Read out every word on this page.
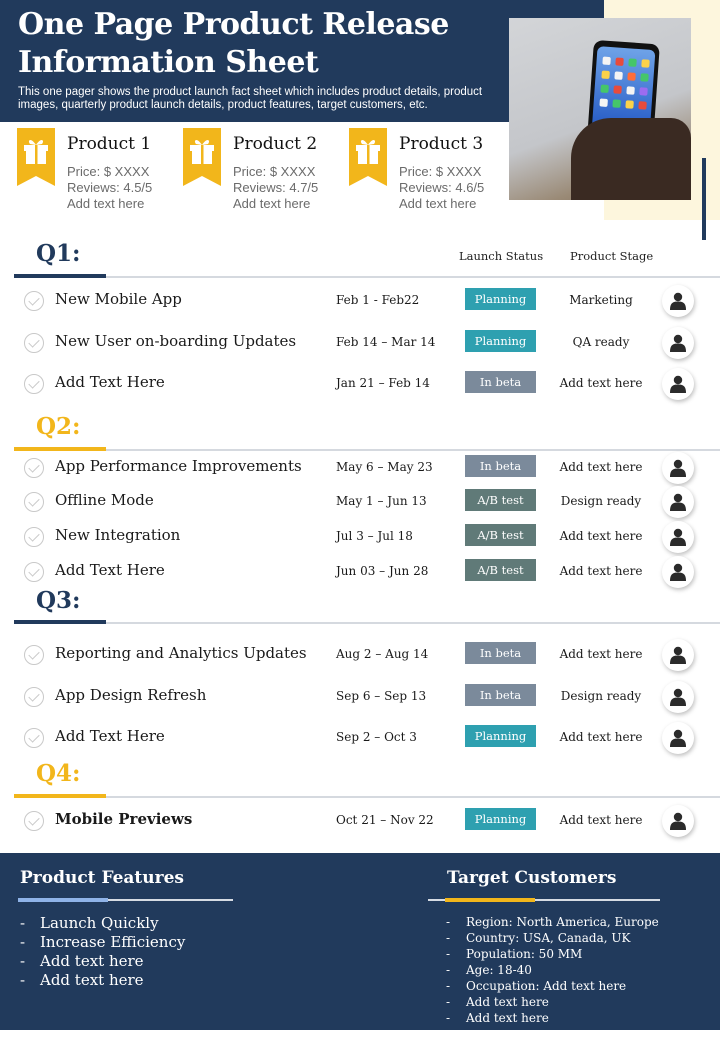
One Page Product Release
Information Sheet

This one pager shows the product launch fact sheet which includes product details, product images, quarterly product launch details, product features, target customers, etc.

Product 1
Price: $ XXXX
Reviews: 4.5/5
Add text here
Product 2
Price: $ XXXX
Reviews: 4.7/5
Add text here
Product 3
Price: $ XXXX
Reviews: 4.6/5
Add text here
Launch Status Product Stage
Q1:
New Mobile App	Feb 1 - Feb22	Planning	Marketing
New User on-boarding Updates	Feb 14 – Mar 14	Planning	QA ready
Add Text Here	Jan 21 – Feb 14	In beta	Add text here
Q2:
App Performance Improvements	May 6 – May 23	In beta	Add text here
Offline Mode	May 1 – Jun 13	A/B test	Design ready
New Integration	Jul 3 – Jul 18	A/B test	Add text here
Add Text Here	Jun 03 – Jun 28	A/B test	Add text here
Q3:
Reporting and Analytics Updates Aug 2 – Aug 14	In beta	Add text here
App Design Refresh	Sep 6 – Sep 13	In beta	Design ready
Add Text Here	Sep 2 – Oct 3	Planning	Add text here
Q4:
Mobile Previews	Oct 21 – Nov 22	Planning	Add text here
Product Features
- Launch Quickly
- Increase Efficiency
- Add text here
- Add text here
Target Customers
- Region: North America, Europe
- Country: USA, Canada, UK
- Population: 50 MM
- Age: 18-40
- Occupation: Add text here
- Add text here
- Add text here
